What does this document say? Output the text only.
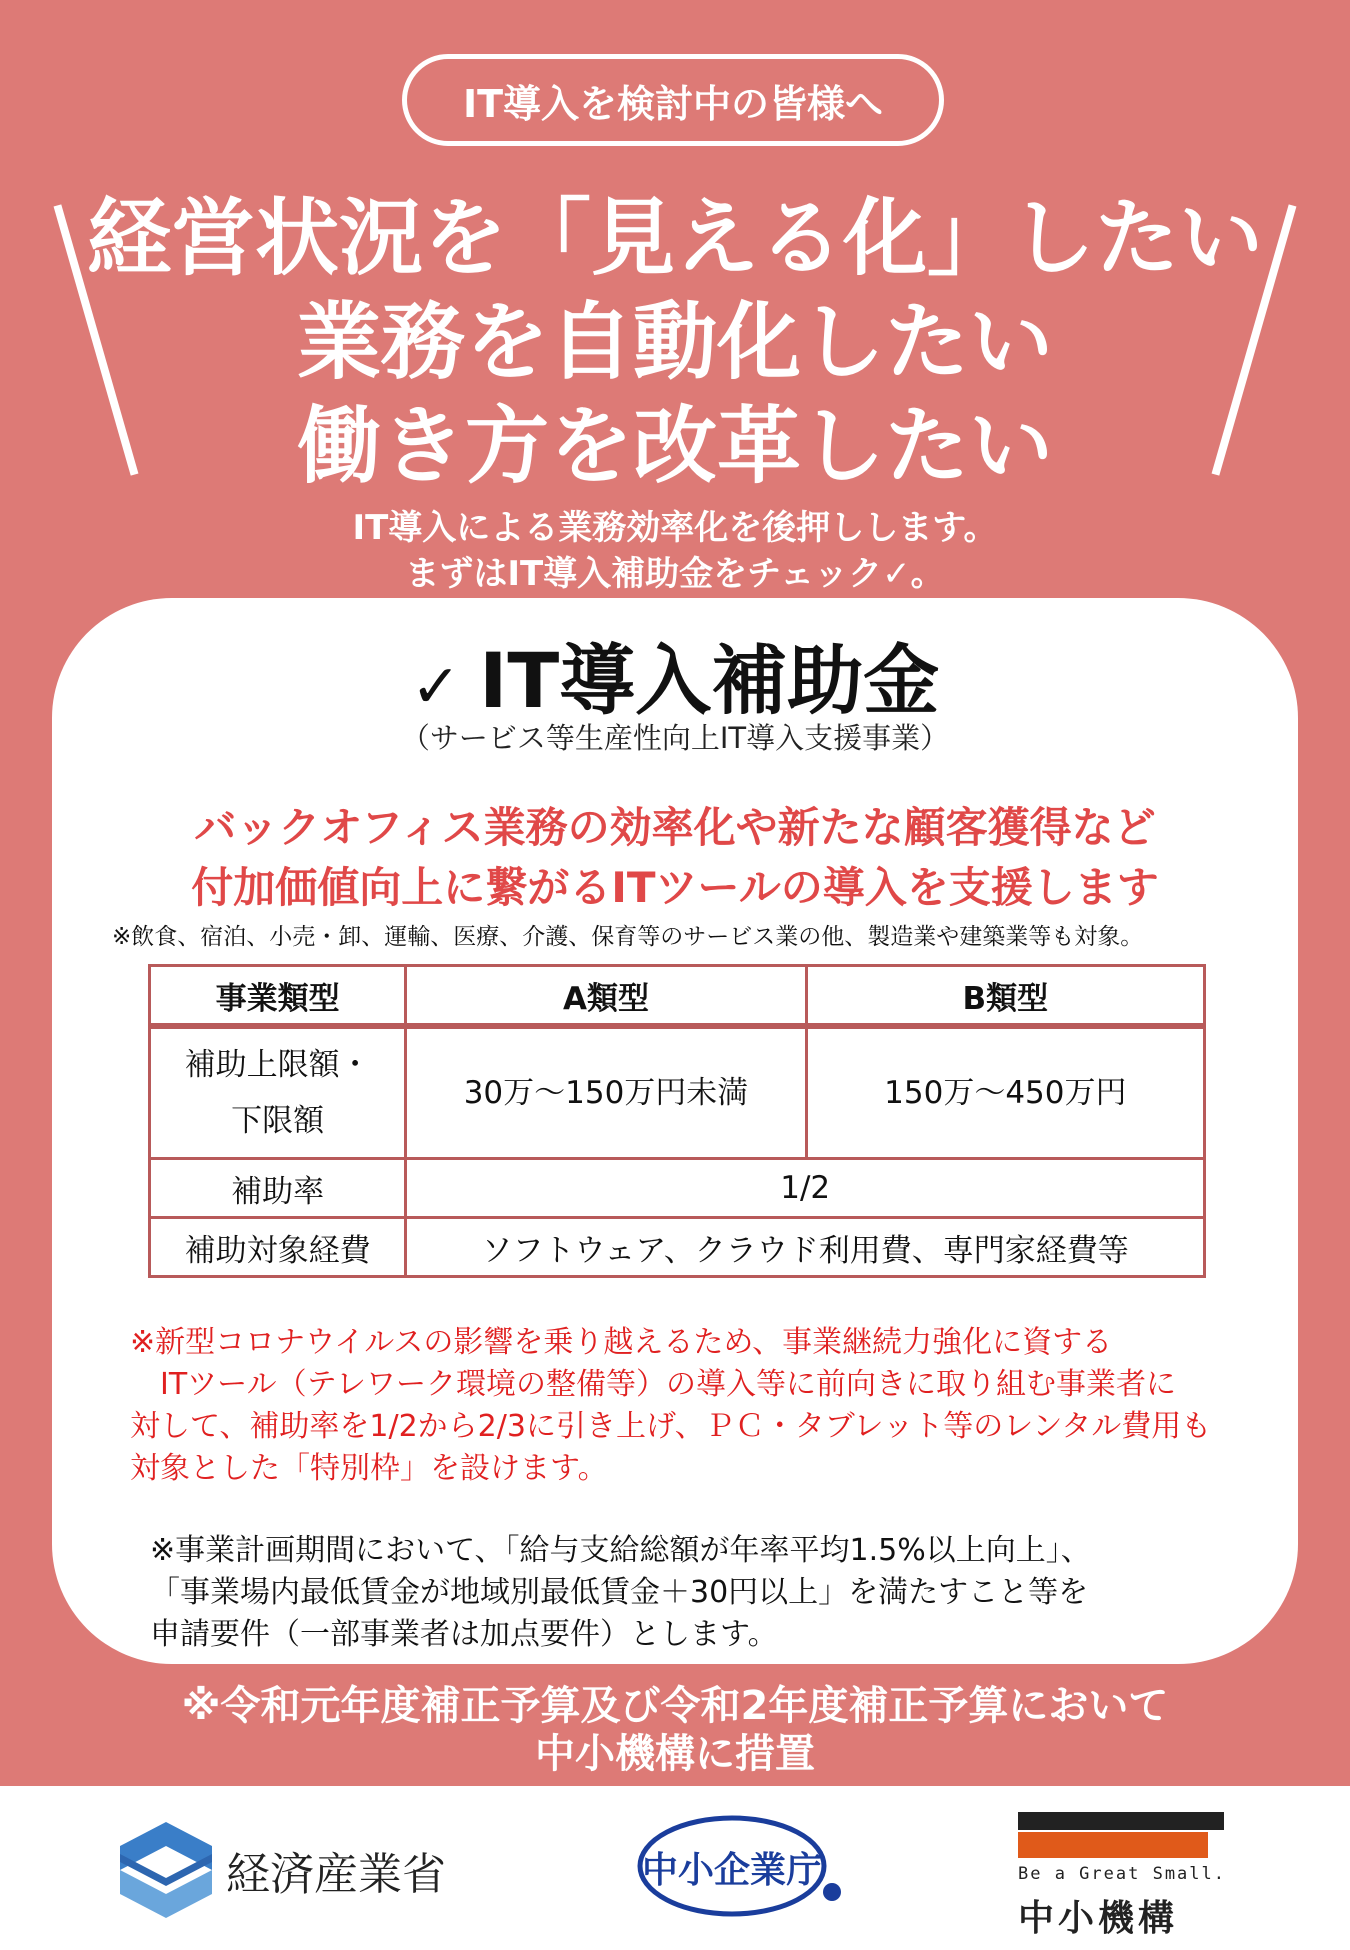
IT導入を検討中の皆様へ
経営状況を「見える化」したい
業務を自動化したい
働き方を改革したい
IT導入による業務効率化を後押しします。
まずはIT導入補助金をチェック✓。
✓ IT導入補助金
（サービス等生産性向上IT導入支援事業）
バックオフィス業務の効率化や新たな顧客獲得など
付加価値向上に繋がるITツールの導入を支援します
※飲食、宿泊、小売・卸、運輸、医療、介護、保育等のサービス業の他、製造業や建築業等も対象。
事業類型	A類型	B類型

補助上限額・
下限額	30万～150万円未満	150万～450万円
補助率	1/2	
補助対象経費	ソフトウェア、クラウド利用費、専門家経費等	
※新型コロナウイルスの影響を乗り越えるため、事業継続力強化に資する
　ITツール（テレワーク環境の整備等）の導入等に前向きに取り組む事業者に
対して、補助率を1/2から2/3に引き上げ、ＰＣ・タブレット等のレンタル費用も
対象とした「特別枠」を設けます。
※事業計画期間において、「給与支給総額が年率平均1.5%以上向上」、
「事業場内最低賃金が地域別最低賃金＋30円以上」を満たすこと等を
申請要件（一部事業者は加点要件）とします。
※令和元年度補正予算及び令和2年度補正予算において
中小機構に措置
経済産業省	中小企業庁	Be a Great Small.
中小機構
